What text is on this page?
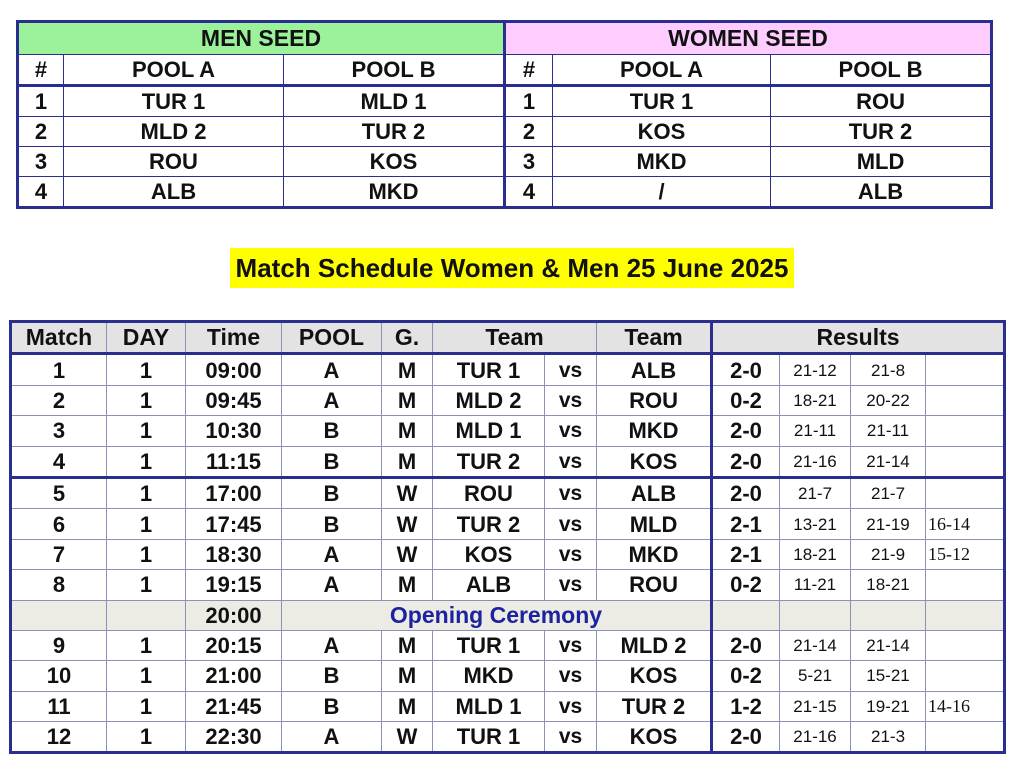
MEN SEED			WOMEN SEED		
#	POOL A	POOL B	#	POOL A	POOL B
1	TUR 1	MLD 1	1	TUR 1	ROU
2	MLD 2	TUR 2	2	KOS	TUR 2
3	ROU	KOS	3	MKD	MLD
4	ALB	MKD	4	/	ALB
Match Schedule Women & Men 25 June 2025
Match	DAY	Time	POOL	G.	Team		Team	Results			
1	1	09:00	A	M	TUR 1	vs	ALB	2-0	21-12	21-8	
2	1	09:45	A	M	MLD 2	vs	ROU	0-2	18-21	20-22	
3	1	10:30	B	M	MLD 1	vs	MKD	2-0	21-11	21-11	
4	1	11:15	B	M	TUR 2	vs	KOS	2-0	21-16	21-14	
5	1	17:00	B	W	ROU	vs	ALB	2-0	21-7	21-7	
6	1	17:45	B	W	TUR 2	vs	MLD	2-1	13-21	21-19	16-14
7	1	18:30	A	W	KOS	vs	MKD	2-1	18-21	21-9	15-12
8	1	19:15	A	M	ALB	vs	ROU	0-2	11-21	18-21	
		20:00	Opening Ceremony								
9	1	20:15	A	M	TUR 1	vs	MLD 2	2-0	21-14	21-14	
10	1	21:00	B	M	MKD	vs	KOS	0-2	5-21	15-21	
11	1	21:45	B	M	MLD 1	vs	TUR 2	1-2	21-15	19-21	14-16
12	1	22:30	A	W	TUR 1	vs	KOS	2-0	21-16	21-3	
